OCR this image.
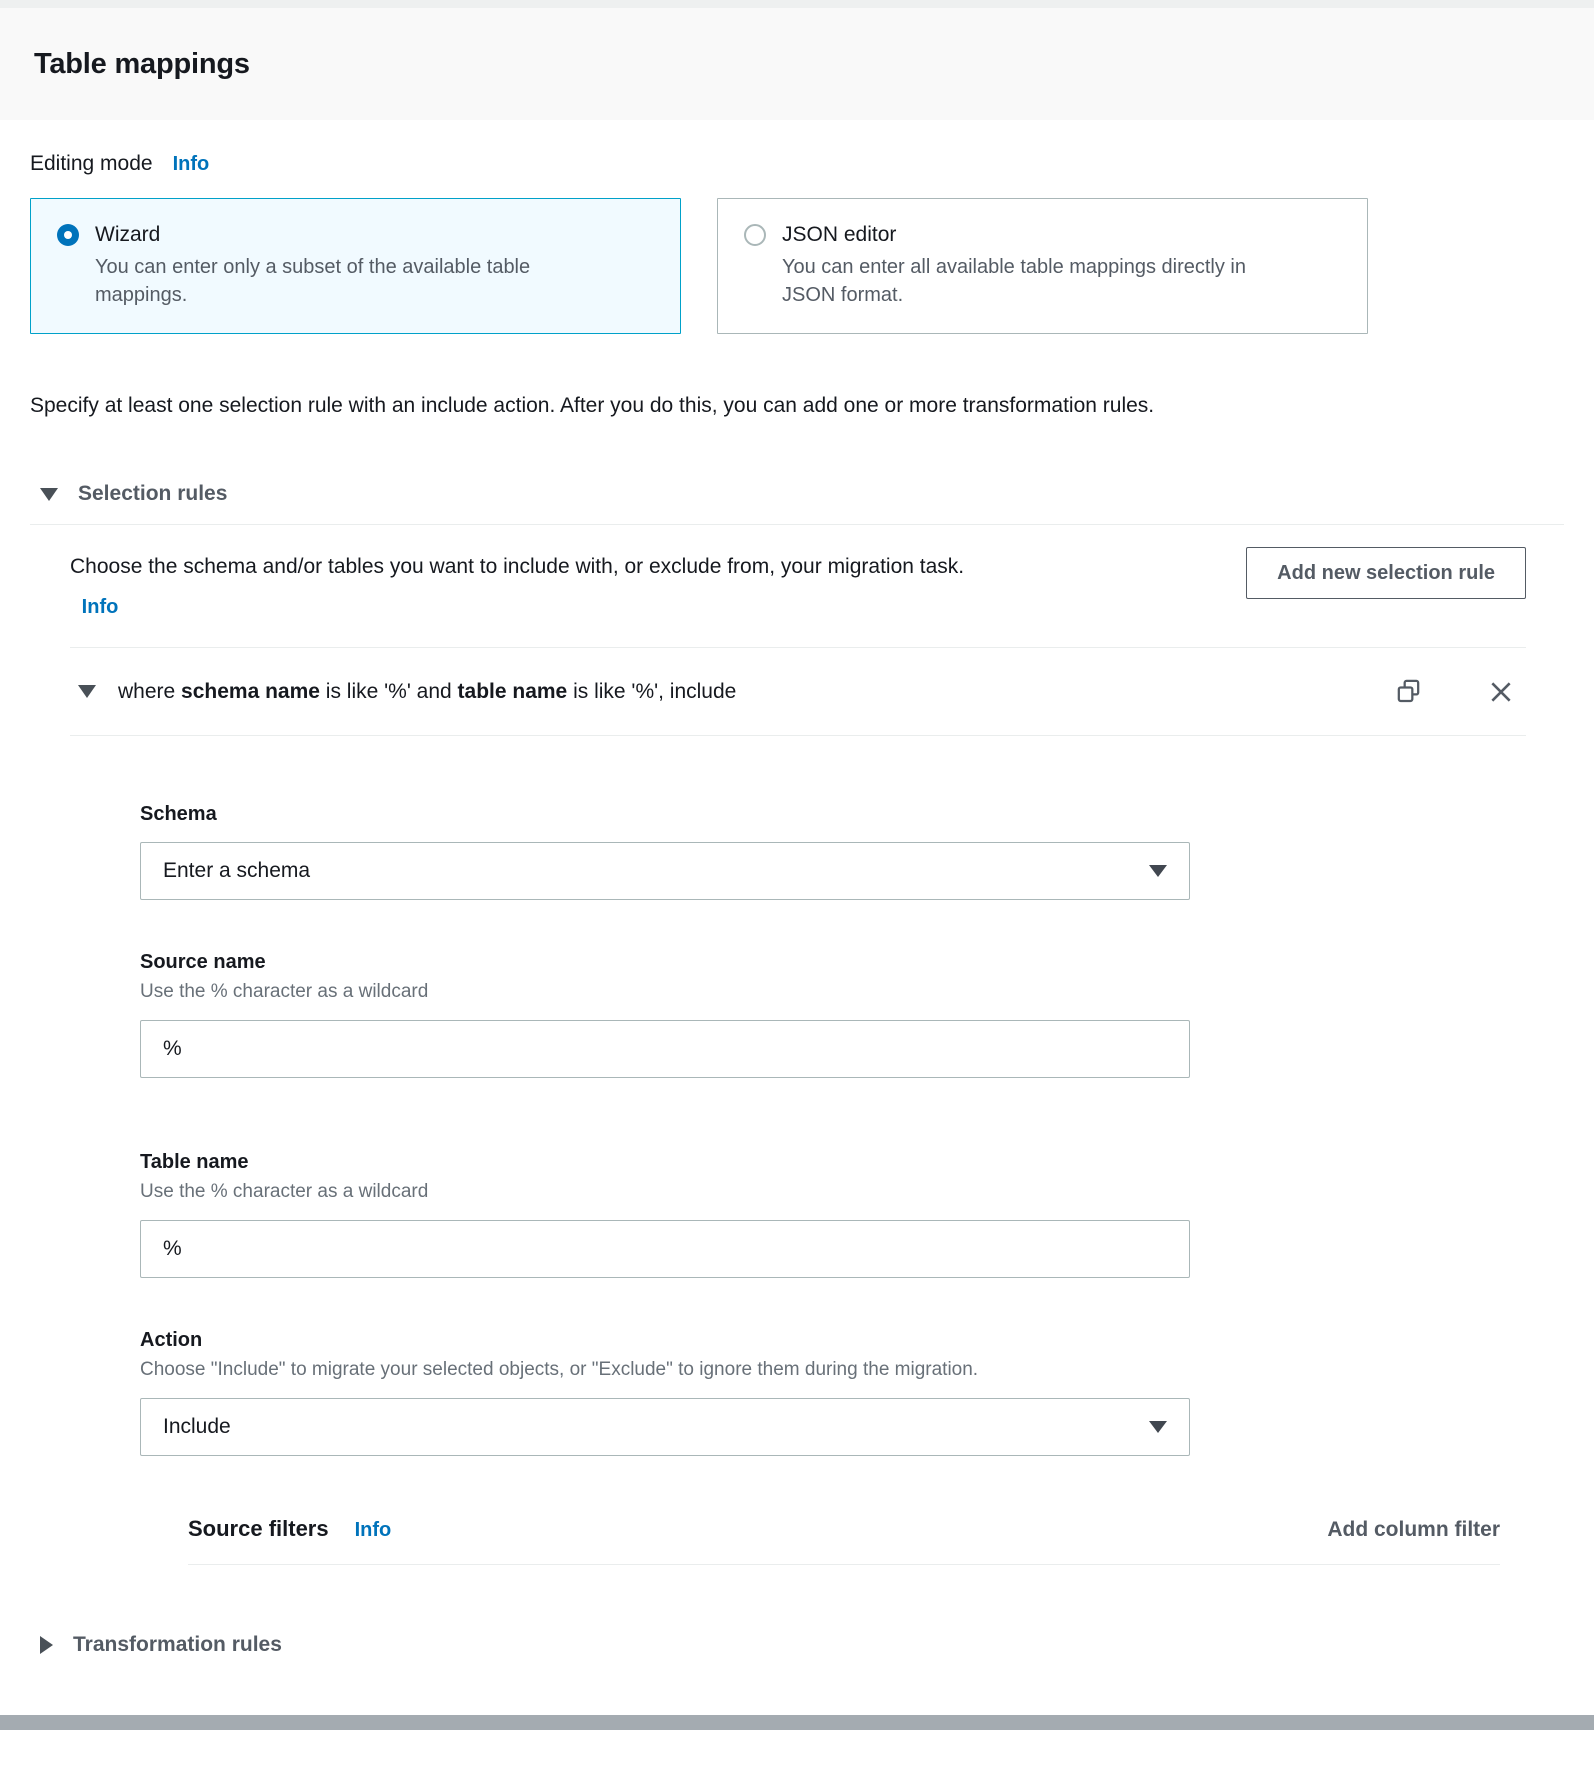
Table mappings
Editing mode Info
Wizard
You can enter only a subset of the available table mappings.
JSON editor
You can enter all available table mappings directly in JSON format.

Specify at least one selection rule with an include action. After you do this, you can add one or more transformation rules.

Selection rules
Choose the schema and/or tables you want to include with, or exclude from, your migration task.   Info
Add new selection rule
where schema name is like '%' and table name is like '%', include
Schema
Enter a schema
Source name
Use the % character as a wildcard
%
Table name
Use the % character as a wildcard
%
Action
Choose "Include" to migrate your selected objects, or "Exclude" to ignore them during the migration.
Include
Source filters Info	Add column filter
Transformation rules
